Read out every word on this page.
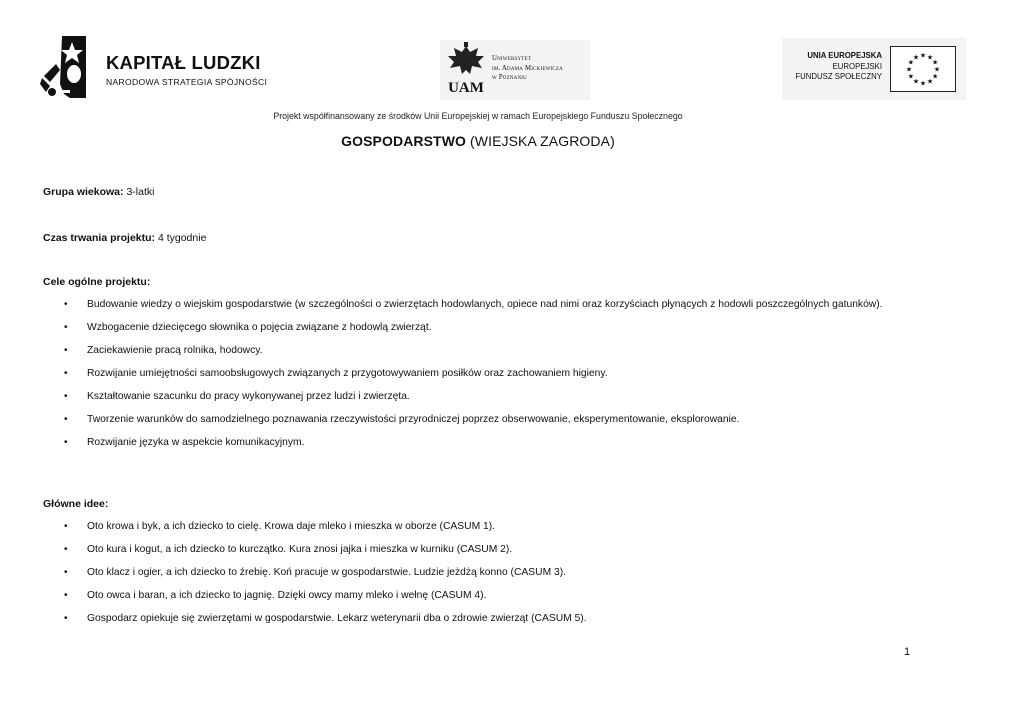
KAPITAŁ LUDZKI
NARODOWA STRATEGIA SPÓJNOŚCI	UAM
Uniwersytet
im. Adama Mickiewicza
w Poznaniu
UNIA EUROPEJSKA
EUROPEJSKI
FUNDUSZ SPOŁECZNY
★ ★
★
★
★
★
★
★
★
★
★
★
Projekt współfinansowany ze środków Unii Europejskiej w ramach Europejskiego Funduszu Społecznego
GOSPODARSTWO (WIEJSKA ZAGRODA)
Grupa wiekowa: 3-latki
Czas trwania projektu: 4 tygodnie
Cele ogólne projektu:
• Budowanie wiedzy o wiejskim gospodarstwie (w szczególności o zwierzętach hodowlanych, opiece nad nimi oraz korzyściach płynących z hodowli poszczególnych gatunków).
• Wzbogacenie dziecięcego słownika o pojęcia związane z hodowlą zwierząt.
• Zaciekawienie pracą rolnika, hodowcy.
• Rozwijanie umiejętności samoobsługowych związanych z przygotowywaniem posiłków oraz zachowaniem higieny.
• Kształtowanie szacunku do pracy wykonywanej przez ludzi i zwierzęta.
• Tworzenie warunków do samodzielnego poznawania rzeczywistości przyrodniczej poprzez obserwowanie, eksperymentowanie, eksplorowanie.
• Rozwijanie języka w aspekcie komunikacyjnym.
Główne idee:
• Oto krowa i byk, a ich dziecko to cielę. Krowa daje mleko i mieszka w oborze (CASUM 1).
• Oto kura i kogut, a ich dziecko to kurczątko. Kura znosi jajka i mieszka w kurniku (CASUM 2).
• Oto klacz i ogier, a ich dziecko to źrebię. Koń pracuje w gospodarstwie. Ludzie jeżdżą konno (CASUM 3).
• Oto owca i baran, a ich dziecko to jagnię. Dzięki owcy mamy mleko i wełnę (CASUM 4).
• Gospodarz opiekuje się zwierzętami w gospodarstwie. Lekarz weterynarii dba o zdrowie zwierząt (CASUM 5).
1
